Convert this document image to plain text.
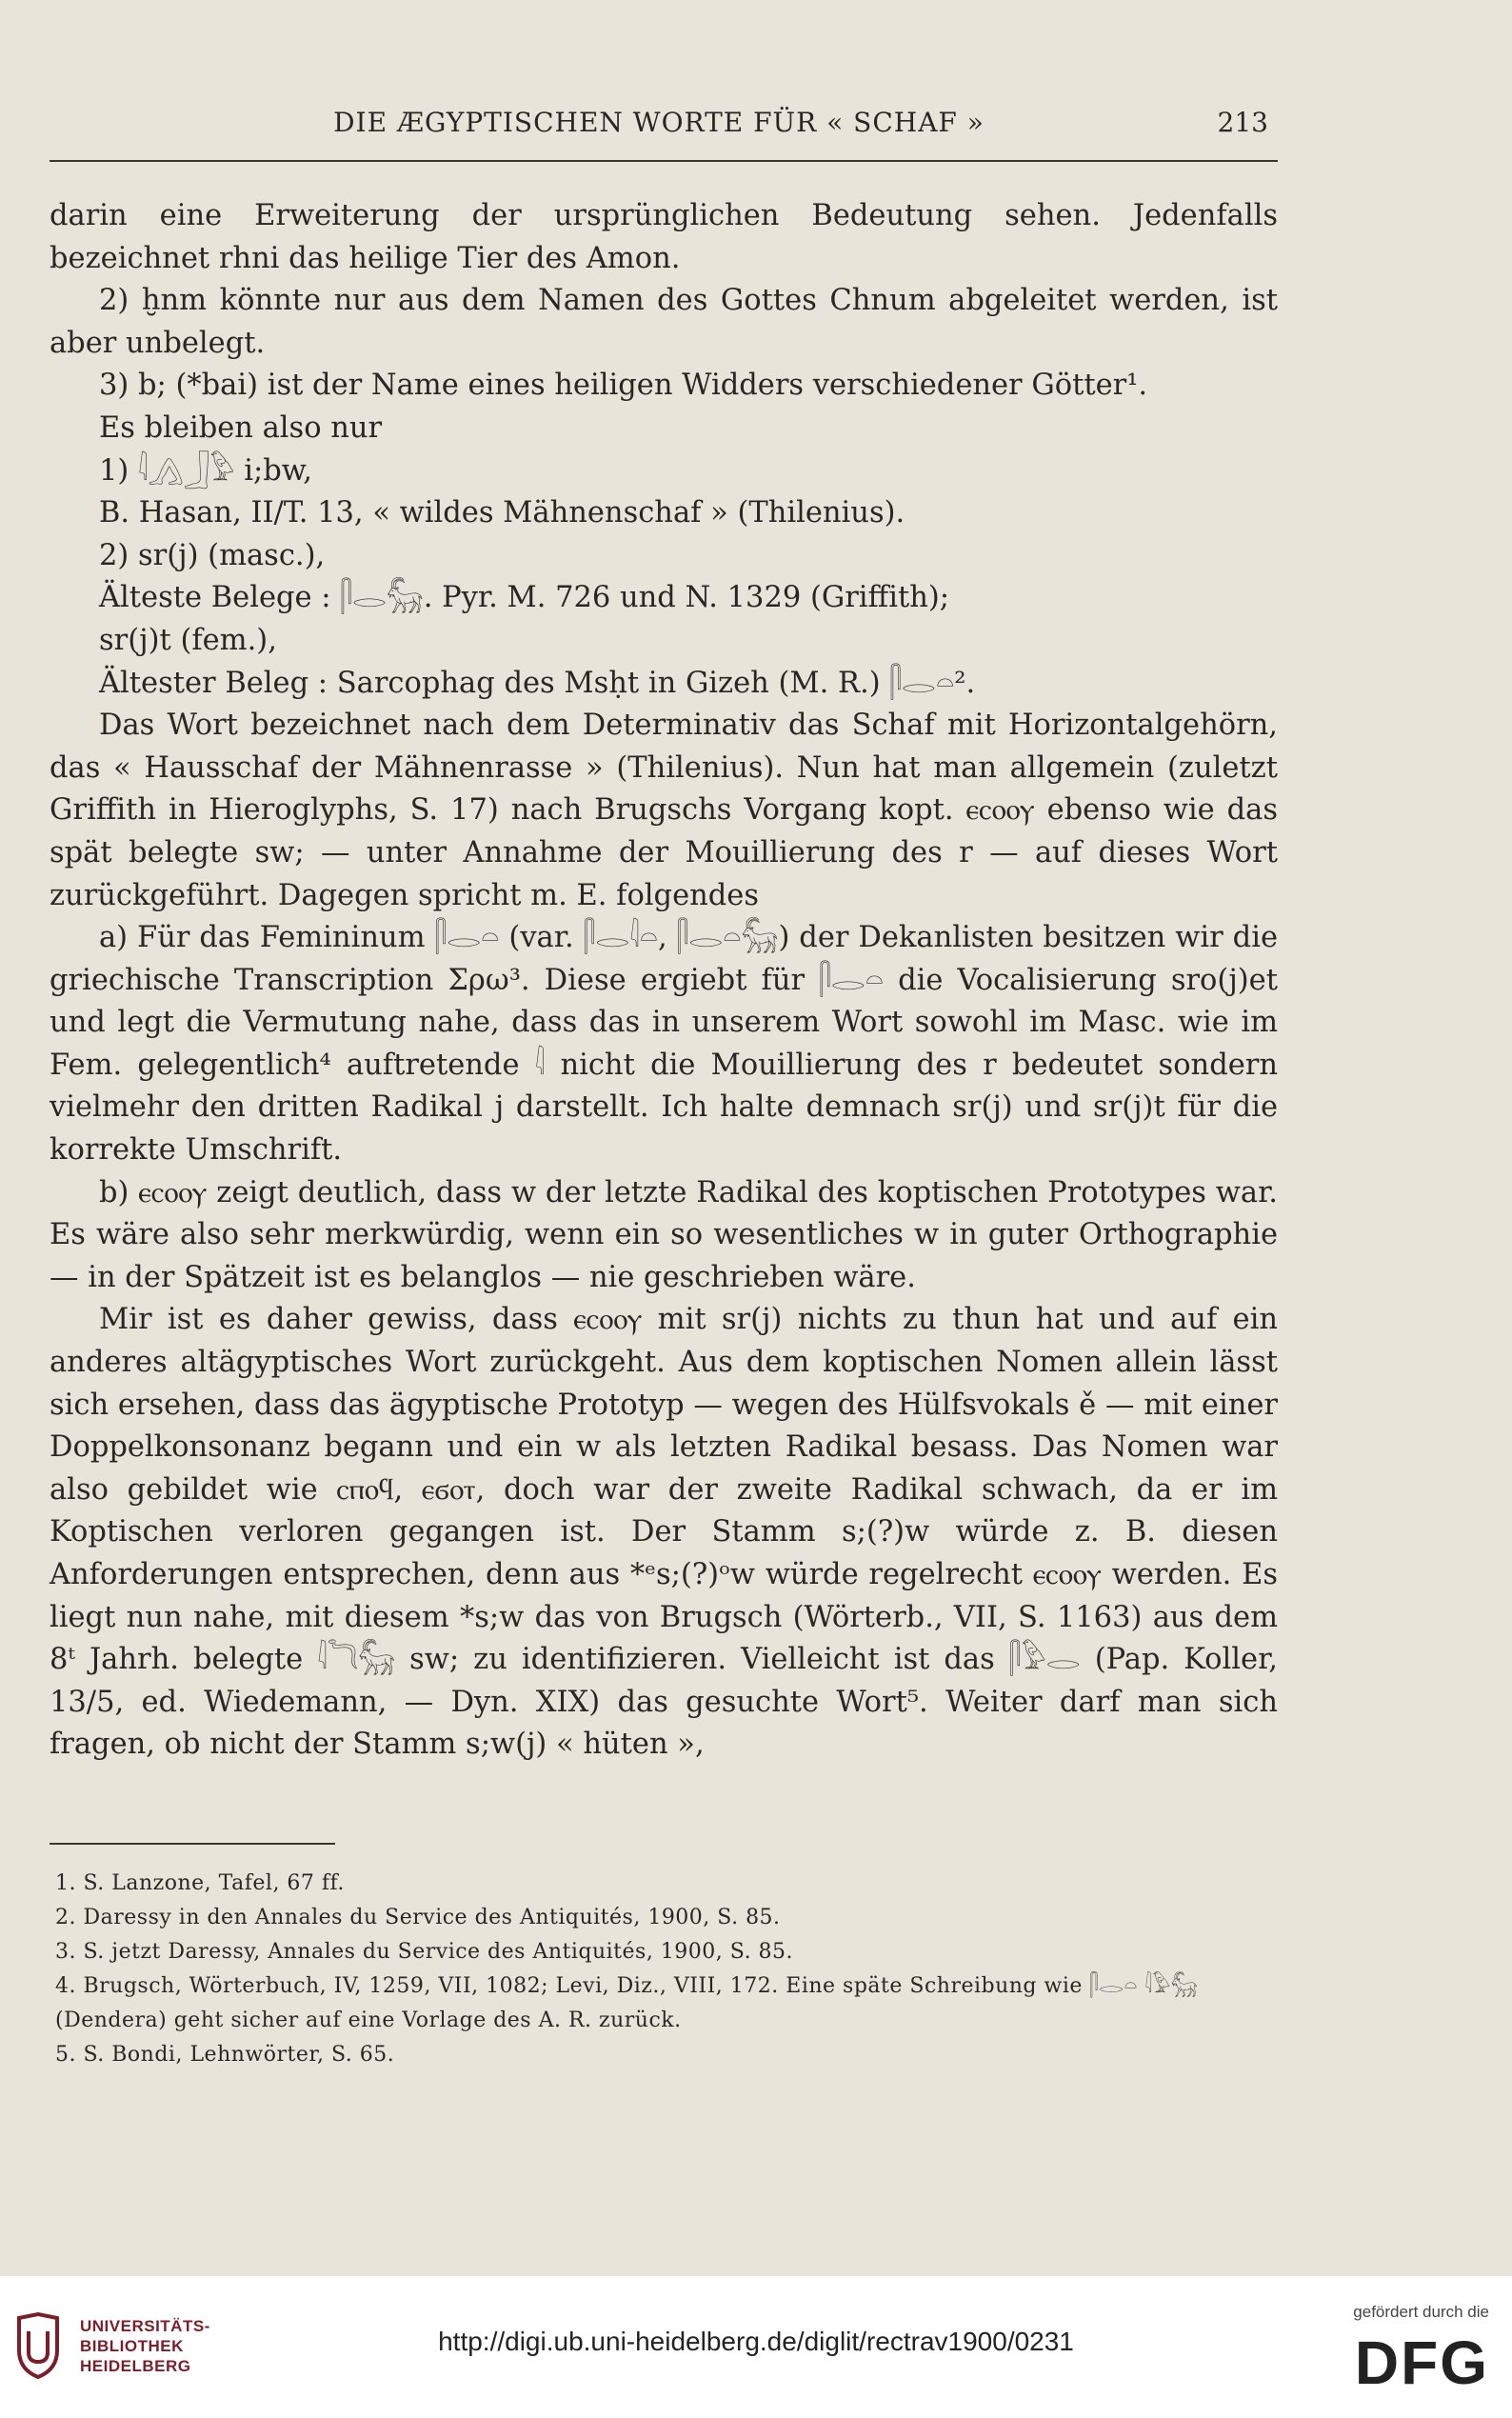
DIE ÆGYPTISCHEN WORTE FÜR « SCHAF »	213

darin eine Erweiterung der ursprünglichen Bedeutung sehen. Jedenfalls bezeichnet rhni das heilige Tier des Amon.

2) ḫnm könnte nur aus dem Namen des Gottes Chnum abgeleitet werden, ist aber unbelegt.

3) b; (*bai) ist der Name eines heiligen Widders verschiedener Götter¹.

Es bleiben also nur

1) 𓇋𓂻𓃀𓅱 i;bw,

B. Hasan, II/T. 13, « wildes Mähnenschaf » (Thilenius).

2) sr(j) (masc.),

Älteste Belege : 𓋴𓂋𓃵. Pyr. M. 726 und N. 1329 (Griffith);

sr(j)t (fem.),

Ältester Beleg : Sarcophag des Msḥt in Gizeh (M. R.) 𓋴𓂋𓏏².

Das Wort bezeichnet nach dem Determinativ das Schaf mit Horizontalgehörn, das « Hausschaf der Mähnenrasse » (Thilenius). Nun hat man allgemein (zuletzt Griffith in Hieroglyphs, S. 17) nach Brugschs Vorgang kopt. ⲉⲥⲟⲟⲩ ebenso wie das spät belegte sw; — unter Annahme der Mouillierung des r — auf dieses Wort zurückgeführt. Dagegen spricht m. E. folgendes

a) Für das Femininum 𓋴𓂋𓏏 (var. 𓋴𓂋𓇋𓏏, 𓋴𓂋𓏏𓃵) der Dekanlisten besitzen wir die griechische Transcription Σρω³. Diese ergiebt für 𓋴𓂋𓏏 die Vocalisierung sro(j)et und legt die Vermutung nahe, dass das in unserem Wort sowohl im Masc. wie im Fem. gelegentlich⁴ auftretende 𓇋 nicht die Mouillierung des r bedeutet sondern vielmehr den dritten Radikal j darstellt. Ich halte demnach sr(j) und sr(j)t für die korrekte Umschrift.

b) ⲉⲥⲟⲟⲩ zeigt deutlich, dass w der letzte Radikal des koptischen Prototypes war. Es wäre also sehr merkwürdig, wenn ein so wesentliches w in guter Orthographie — in der Spätzeit ist es belanglos — nie geschrieben wäre.

Mir ist es daher gewiss, dass ⲉⲥⲟⲟⲩ mit sr(j) nichts zu thun hat und auf ein anderes altägyptisches Wort zurückgeht. Aus dem koptischen Nomen allein lässt sich ersehen, dass das ägyptische Prototyp — wegen des Hülfsvokals ě — mit einer Doppelkonsonanz begann und ein w als letzten Radikal besass. Das Nomen war also gebildet wie ⲥⲡⲟϥ, ⲉϭⲟⲧ, doch war der zweite Radikal schwach, da er im Koptischen verloren gegangen ist. Der Stamm s;(?)w würde z. B. diesen Anforderungen entsprechen, denn aus *ᵉs;(?)ᵒw würde regelrecht ⲉⲥⲟⲟⲩ werden. Es liegt nun nahe, mit diesem *s;w das von Brugsch (Wörterb., VII, S. 1163) aus dem 8ᵗ Jahrh. belegte 𓇋𓆓𓃵 sw; zu identifizieren. Vielleicht ist das 𓋴𓅱𓂋 (Pap. Koller, 13/5, ed. Wiedemann, — Dyn. XIX) das gesuchte Wort⁵. Weiter darf man sich fragen, ob nicht der Stamm s;w(j) « hüten »,

1. S. Lanzone, Tafel, 67 ff.

2. Daressy in den Annales du Service des Antiquités, 1900, S. 85.

3. S. jetzt Daressy, Annales du Service des Antiquités, 1900, S. 85.

4. Brugsch, Wörterbuch, IV, 1259, VII, 1082; Levi, Diz., VIII, 172. Eine späte Schreibung wie 𓋴𓂋𓏏 𓇋𓅱𓃵 (Dendera) geht sicher auf eine Vorlage des A. R. zurück.

5. S. Bondi, Lehnwörter, S. 65.

UNIVERSITÄTS-
BIBLIOTHEK
HEIDELBERG
http://digi.ub.uni-heidelberg.de/diglit/rectrav1900/0231
gefördert durch die
DFG
